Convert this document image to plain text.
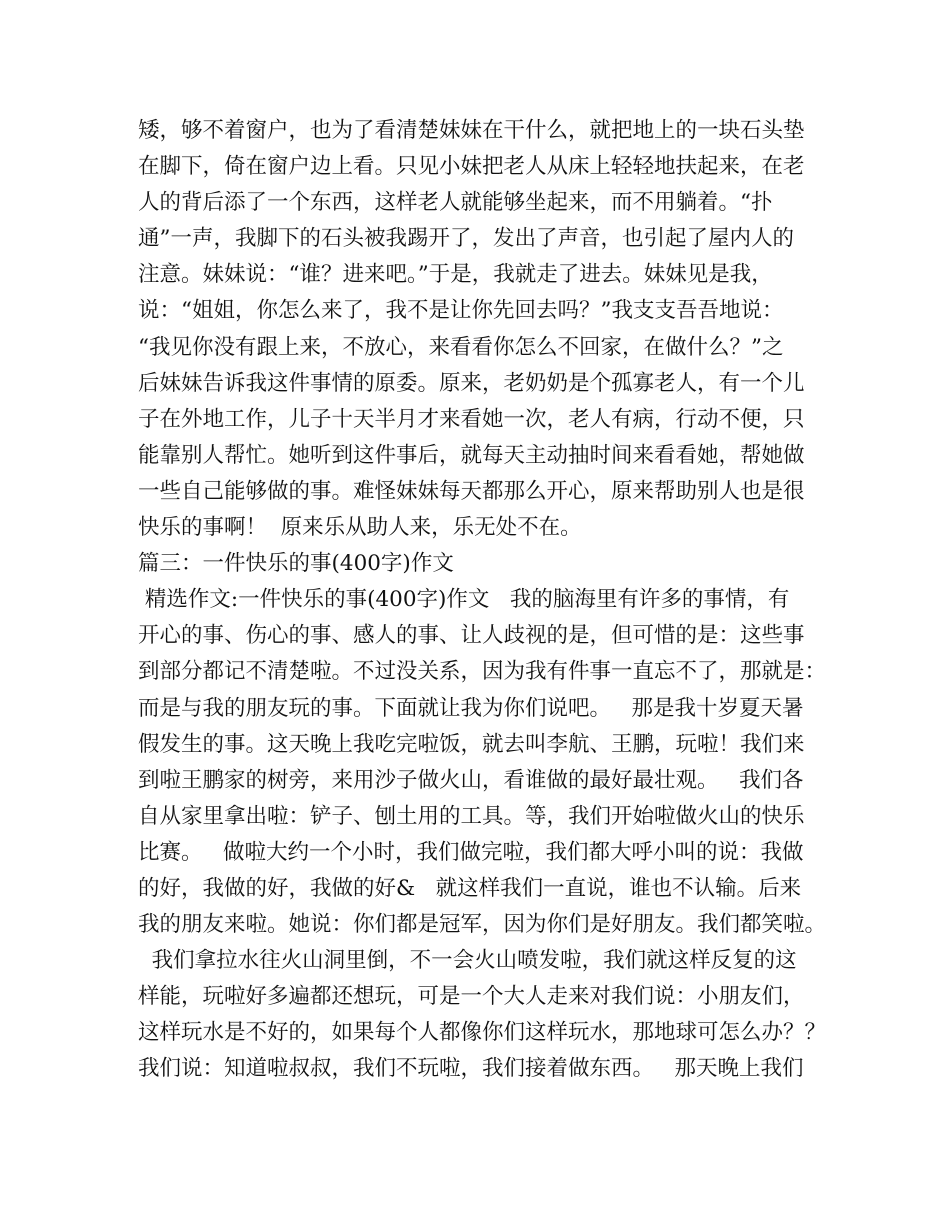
矮，够不着窗户，也为了看清楚妹妹在干什么，就把地上的一块石头垫
在脚下，倚在窗户边上看。只见小妹把老人从床上轻轻地扶起来，在老
人的背后添了一个东西，这样老人就能够坐起来，而不用躺着。“扑
通”一声，我脚下的石头被我踢开了，发出了声音，也引起了屋内人的
注意。妹妹说：“谁？进来吧。”于是，我就走了进去。妹妹见是我，
说：“姐姐，你怎么来了，我不是让你先回去吗？”我支支吾吾地说：
“我见你没有跟上来，不放心，来看看你怎么不回家，在做什么？”之
后妹妹告诉我这件事情的原委。原来，老奶奶是个孤寡老人，有一个儿
子在外地工作，儿子十天半月才来看她一次，老人有病，行动不便，只
能靠别人帮忙。她听到这件事后，就每天主动抽时间来看看她，帮她做
一些自己能够做的事。难怪妹妹每天都那么开心，原来帮助别人也是很
快乐的事啊！  原来乐从助人来，乐无处不在。
篇三：一件快乐的事(400字)作文
精选作文:一件快乐的事(400字)作文   我的脑海里有许多的事情，有
开心的事、伤心的事、感人的事、让人歧视的是，但可惜的是：这些事
到部分都记不清楚啦。不过没关系，因为我有件事一直忘不了，那就是：
而是与我的朋友玩的事。下面就让我为你们说吧。   那是我十岁夏天暑
假发生的事。这天晚上我吃完啦饭，就去叫李航、王鹏，玩啦！我们来
到啦王鹏家的树旁，来用沙子做火山，看谁做的最好最壮观。   我们各
自从家里拿出啦：铲子、刨土用的工具。等，我们开始啦做火山的快乐
比赛。   做啦大约一个小时，我们做完啦，我们都大呼小叫的说：我做
的好，我做的好，我做的好&   就这样我们一直说，谁也不认输。后来
我的朋友来啦。她说：你们都是冠军，因为你们是好朋友。我们都笑啦。
我们拿拉水往火山洞里倒，不一会火山喷发啦，我们就这样反复的这
样能，玩啦好多遍都还想玩，可是一个大人走来对我们说：小朋友们，
这样玩水是不好的，如果每个人都像你们这样玩水，那地球可怎么办？？
我们说：知道啦叔叔，我们不玩啦，我们接着做东西。   那天晚上我们
